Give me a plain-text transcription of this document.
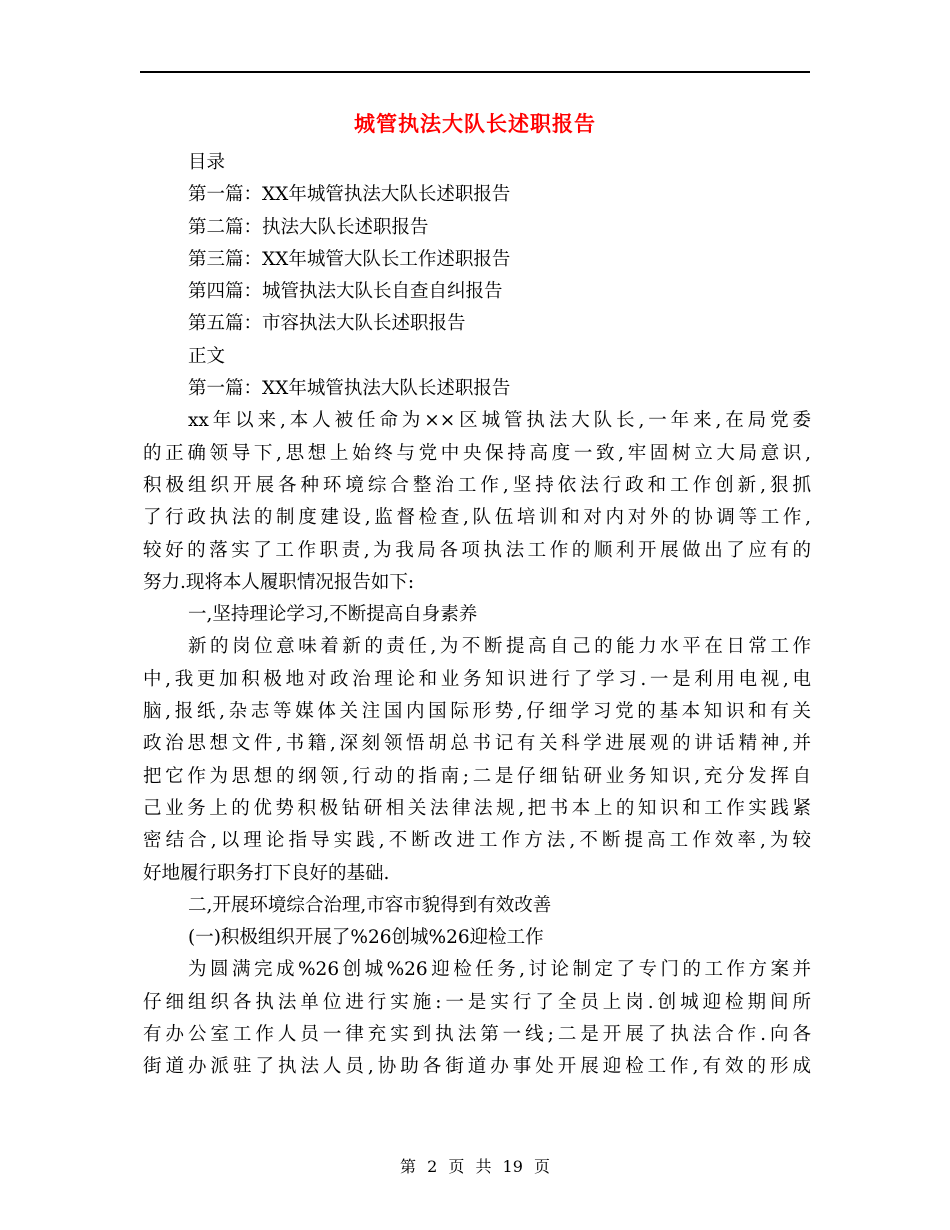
城管执法大队长述职报告
目录
第一篇：XX年城管执法大队长述职报告
第二篇：执法大队长述职报告
第三篇：XX年城管大队长工作述职报告
第四篇：城管执法大队长自查自纠报告
第五篇：市容执法大队长述职报告
正文
第一篇：XX年城管执法大队长述职报告
xx年以来,本人被任命为××区城管执法大队长,一年来,在局党委
的正确领导下,思想上始终与党中央保持高度一致,牢固树立大局意识,
积极组织开展各种环境综合整治工作,坚持依法行政和工作创新,狠抓
了行政执法的制度建设,监督检查,队伍培训和对内对外的协调等工作,
较好的落实了工作职责,为我局各项执法工作的顺利开展做出了应有的
努力.现将本人履职情况报告如下:
一,坚持理论学习,不断提高自身素养
新的岗位意味着新的责任,为不断提高自己的能力水平在日常工作
中,我更加积极地对政治理论和业务知识进行了学习.一是利用电视,电
脑,报纸,杂志等媒体关注国内国际形势,仔细学习党的基本知识和有关
政治思想文件,书籍,深刻领悟胡总书记有关科学进展观的讲话精神,并
把它作为思想的纲领,行动的指南;二是仔细钻研业务知识,充分发挥自
己业务上的优势积极钻研相关法律法规,把书本上的知识和工作实践紧
密结合,以理论指导实践,不断改进工作方法,不断提高工作效率,为较
好地履行职务打下良好的基础.
二,开展环境综合治理,市容市貌得到有效改善
(一)积极组织开展了%26创城%26迎检工作
为圆满完成%26创城%26迎检任务,讨论制定了专门的工作方案并
仔细组织各执法单位进行实施:一是实行了全员上岗.创城迎检期间所
有办公室工作人员一律充实到执法第一线;二是开展了执法合作.向各
街道办派驻了执法人员,协助各街道办事处开展迎检工作,有效的形成
第 2 页 共 19 页
